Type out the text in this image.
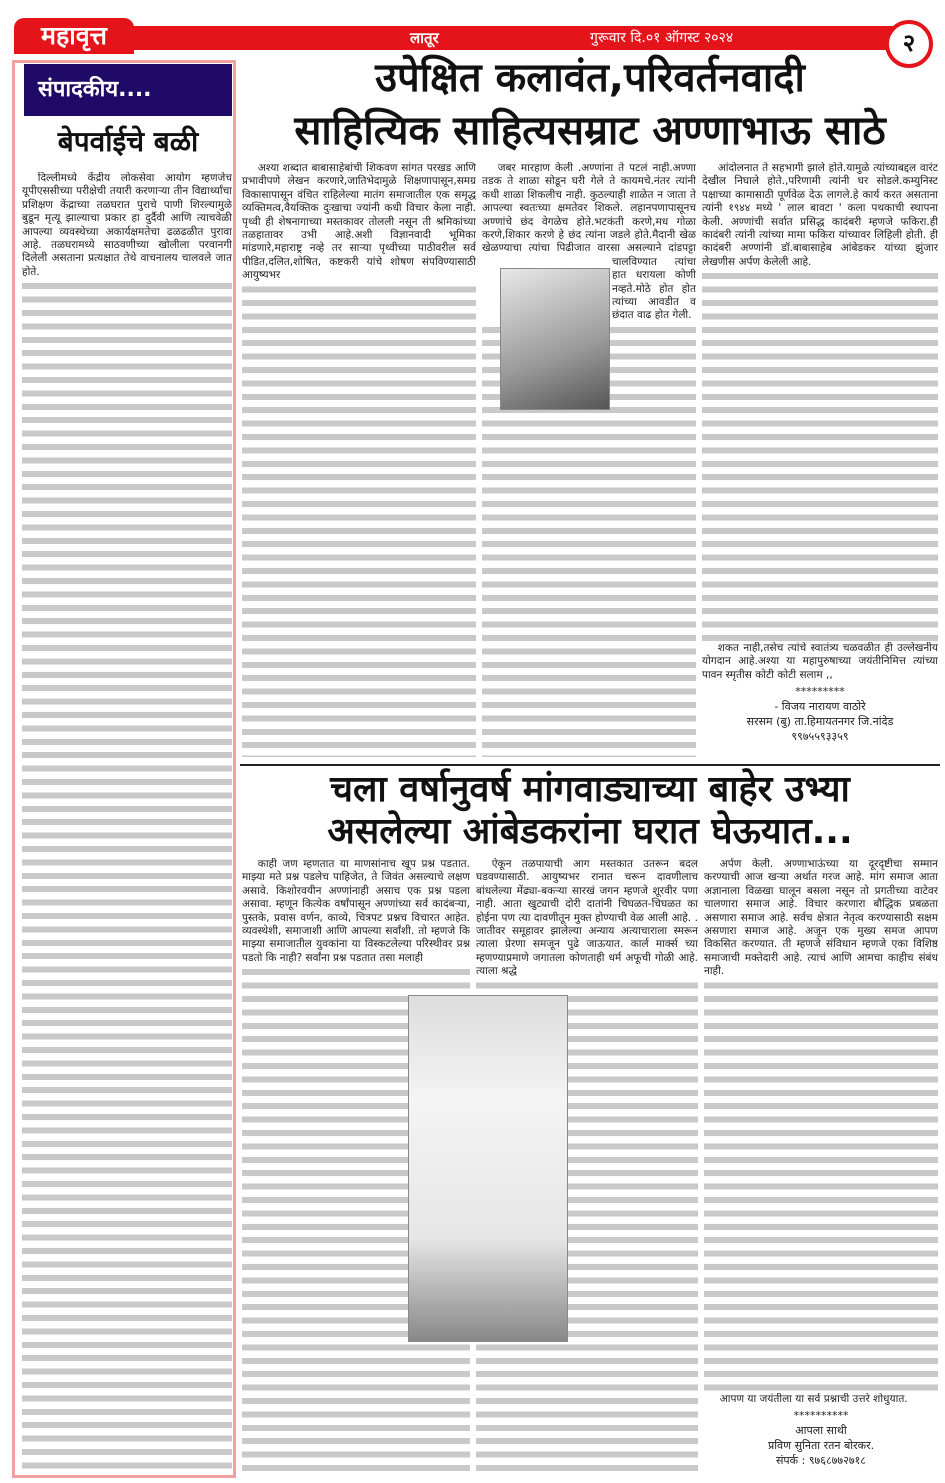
महावृत्त	लातूर	गुरूवार दि.०१ ऑगस्ट २०२४	२
संपादकीय....
बेपर्वाईचे बळी

दिल्लीमध्ये केंद्रीय लोकसेवा आयोग म्हणजेच यूपीएससीच्या परीक्षेची तयारी करणाऱ्या तीन विद्यार्थ्यांचा प्रशिक्षण केंद्राच्या तळघरात पुराचे पाणी शिरल्यामुळे बुडून मृत्यू झाल्याचा प्रकार हा दुर्दैवी आणि त्याचवेळी आपल्या व्यवस्थेच्या अकार्यक्षमतेचा ढळढळीत पुरावा आहे. तळघरामध्ये साठवणीच्या खोलीला परवानगी दिलेली असताना प्रत्यक्षात तेथे वाचनालय चालवले जात होते.

उपेक्षित कलावंत,परिवर्तनवादी
साहित्यिक साहित्यसम्राट अण्णाभाऊ साठे

अश्या शब्दात बाबासाहेबांची शिकवण सांगत परखड आणि प्रभावीपणे लेखन करणारे,जातिभेदामुळे शिक्षणापासून,समग्र विकासापासून वंचित राहिलेल्या मातंग समाजातील एक समृद्ध व्यक्तिमत्व,वैयक्तिक दुःखाचा ज्यांनी कधी विचार केला नाही. पृथ्वी ही शेषनागाच्या मस्तकावर तोलली नसून ती श्रमिकांच्या तळहातावर उभी आहे.अशी विज्ञानवादी भूमिका मांडणारे,महाराष्ट्र नव्हे तर साऱ्या पृथ्वीच्या पाठीवरील सर्व पीडित,दलित,शोषित, कष्टकरी यांचे शोषण संपविण्यासाठी आयुष्यभर

जबर मारहाण केली .अण्णांना ते पटलं नाही.अण्णा तडक ते शाळा सोडून घरी गेले ते कायमचे.नंतर त्यांनी कधी शाळा शिकलीच नाही. कुठल्याही शाळेत न जाता ते आपल्या स्वतःच्या क्षमतेवर शिकले. लहानपणापासूनच अण्णांचे छंद वेगळेच होते.भटकंती करणे,मध गोळा करणे,शिकार करणे हे छंद त्यांना जडले होते.मैदानी खेळ खेळण्याचा त्यांचा पिढीजात वारसा असल्याने दांडपट्टा चालविण्यात त्यांचा हात धरायला कोणी नव्हते.मोठे होत होत त्यांच्या आवडीत व छंदात वाढ होत गेली.

आंदोलनात ते सहभागी झाले होते.यामुळे त्यांच्याबद्दल वारंट देखील निघाले होते.,परिणामी त्यांनी घर सोडले.कम्युनिस्ट पक्षाच्या कामासाठी पूर्णवेळ देऊ लागले.हे कार्य करत असताना त्यांनी १९४४ मध्ये ' लाल बावटा ' कला पथकाची स्थापना केली. अण्णांची सर्वात प्रसिद्ध कादंबरी म्हणजे फकिरा.ही कादंबरी त्यांनी त्यांच्या मामा फकिरा यांच्यावर लिहिली होती. ही कादंबरी अण्णांनी डॉ.बाबासाहेब आंबेडकर यांच्या झुंजार लेखणीस अर्पण केलेली आहे.

शकत नाही,तसेच त्यांचे स्वातंत्र्य चळवळीत ही उल्लेखनीय योगदान आहे.अश्या या महापुरुषाच्या जयंतीनिमित्त त्यांच्या पावन स्मृतीस कोटी कोटी सलाम ,,

*********
- विजय नारायण वाठोरे
सरसम (बु) ता.हिमायतनगर जि.नांदेड
९९७५५९३३५९
चला वर्षानुवर्ष मांगवाड्याच्या बाहेर उभ्या
असलेल्या आंबेडकरांना घरात घेऊयात...

काही जण म्हणतात या माणसांनाच खूप प्रश्न पडतात. माझ्या मते प्रश्न पडलेच पाहिजेत, ते जिवंत असल्याचे लक्षण असावे. किशोरवयीन अण्णांनाही असाच एक प्रश्न पडला असावा. म्हणून कित्येक वर्षांपासून अण्णांच्या सर्व कादंबऱ्या, पुस्तके, प्रवास वर्णन, काव्ये, चित्रपट प्रश्नच विचारत आहेत. व्यवस्थेशी, समाजाशी आणि आपल्या सर्वांशी. तो म्हणजे कि माझ्या समाजातील युवकांना या विस्कटलेल्या परिस्थीवर प्रश्न पडतो कि नाही? सर्वांना प्रश्न पडतात तसा मलाही

ऐकून तळपायाची आग मस्तकात उतरून बदल घडवण्यासाठी. आयुष्यभर रानात चरून दावणीलाच बांधलेल्या मेंढ्या-बकऱ्या सारखं जगन म्हणजे शूरवीर पणा नाही. आता खुट्याची दोरी दातांनी चिघळत-चिघळत का होईना पण त्या दावणीतून मुक्त होण्याची वेळ आली आहे. . जातीवर समूहावर झालेल्या अन्याय अत्याचाराला स्मरून त्याला प्रेरणा समजून पुढे जाऊयात. कार्ल मार्क्स च्या म्हणण्याप्रमाणे जगातला कोणताही धर्म अफूची गोळी आहे. त्याला श्रद्धे

अर्पण केली. अण्णाभाऊंच्या या दूरदृष्टीचा सम्मान करण्याची आज खऱ्या अर्थात गरज आहे. मांग समाज आता अज्ञानाला विळखा घालून बसला नसून तो प्रगतीच्या वाटेवर चालणारा समाज आहे. विचार करणारा बौद्धिक प्रबळता असणारा समाज आहे. सर्वच क्षेत्रात नेतृत्व करण्यासाठी सक्षम असणारा समाज आहे. अजून एक मुख्य समज आपण विकसित करण्यात. ती म्हणजे संविधान म्हणजे एका विशिष्ठ समाजाची मक्तेदारी आहे. त्याचं आणि आमचा काहीच संबंध नाही.

आपण या जयंतीला या सर्व प्रश्नाची उत्तरे शोधुयात.

**********
आपला साथी
प्रविण सुनिता रतन बोरकर.
संपर्क : ९७६८७७२७१८
